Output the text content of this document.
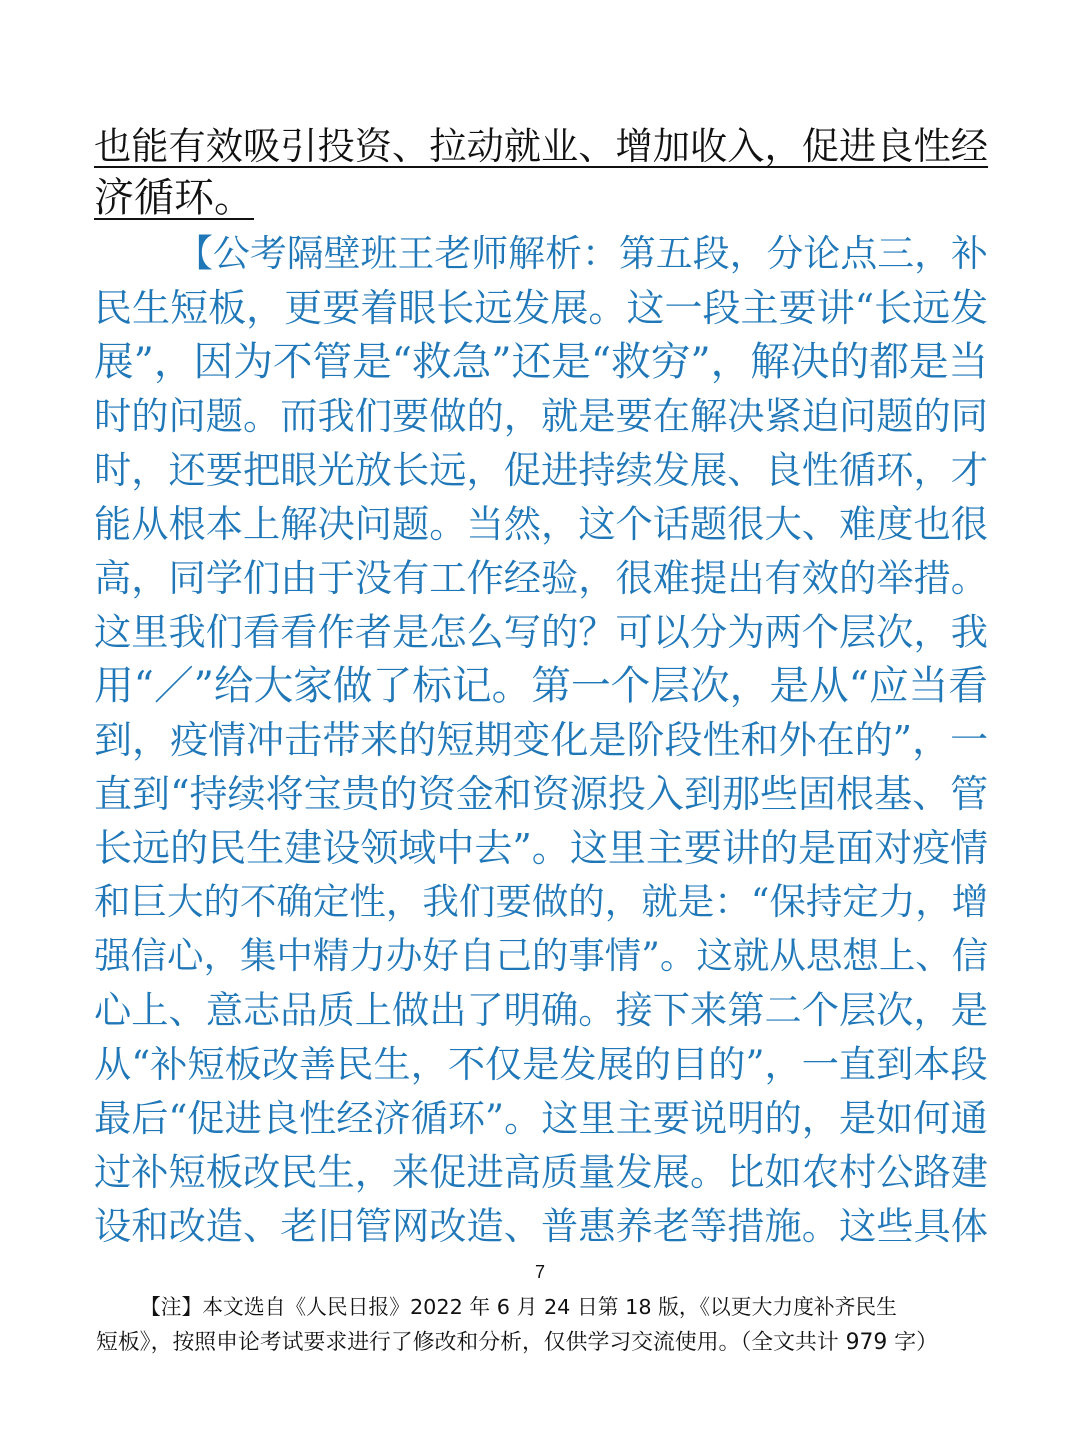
也能有效吸引投资、拉动就业、增加收入，促进良性经
济循环。
【公考隔壁班王老师解析：第五段，分论点三，补
民生短板，更要着眼长远发展。这一段主要讲“长远发
展”，因为不管是“救急”还是“救穷”，解决的都是当
时的问题。而我们要做的，就是要在解决紧迫问题的同
时，还要把眼光放长远，促进持续发展、良性循环，才
能从根本上解决问题。当然，这个话题很大、难度也很
高，同学们由于没有工作经验，很难提出有效的举措。
这里我们看看作者是怎么写的？可以分为两个层次，我
用“／”给大家做了标记。第一个层次，是从“应当看
到，疫情冲击带来的短期变化是阶段性和外在的”，一
直到“持续将宝贵的资金和资源投入到那些固根基、管
长远的民生建设领域中去”。这里主要讲的是面对疫情
和巨大的不确定性，我们要做的，就是：“保持定力，增
强信心，集中精力办好自己的事情”。这就从思想上、信
心上、意志品质上做出了明确。接下来第二个层次，是
从“补短板改善民生，不仅是发展的目的”，一直到本段
最后“促进良性经济循环”。这里主要说明的，是如何通
过补短板改民生，来促进高质量发展。比如农村公路建
设和改造、老旧管网改造、普惠养老等措施。这些具体
7
【注】本文选自《人民日报》2022 年 6 月 24 日第 18 版，《以更大力度补齐民生
短板》，按照申论考试要求进行了修改和分析，仅供学习交流使用。（全文共计 979 字）
